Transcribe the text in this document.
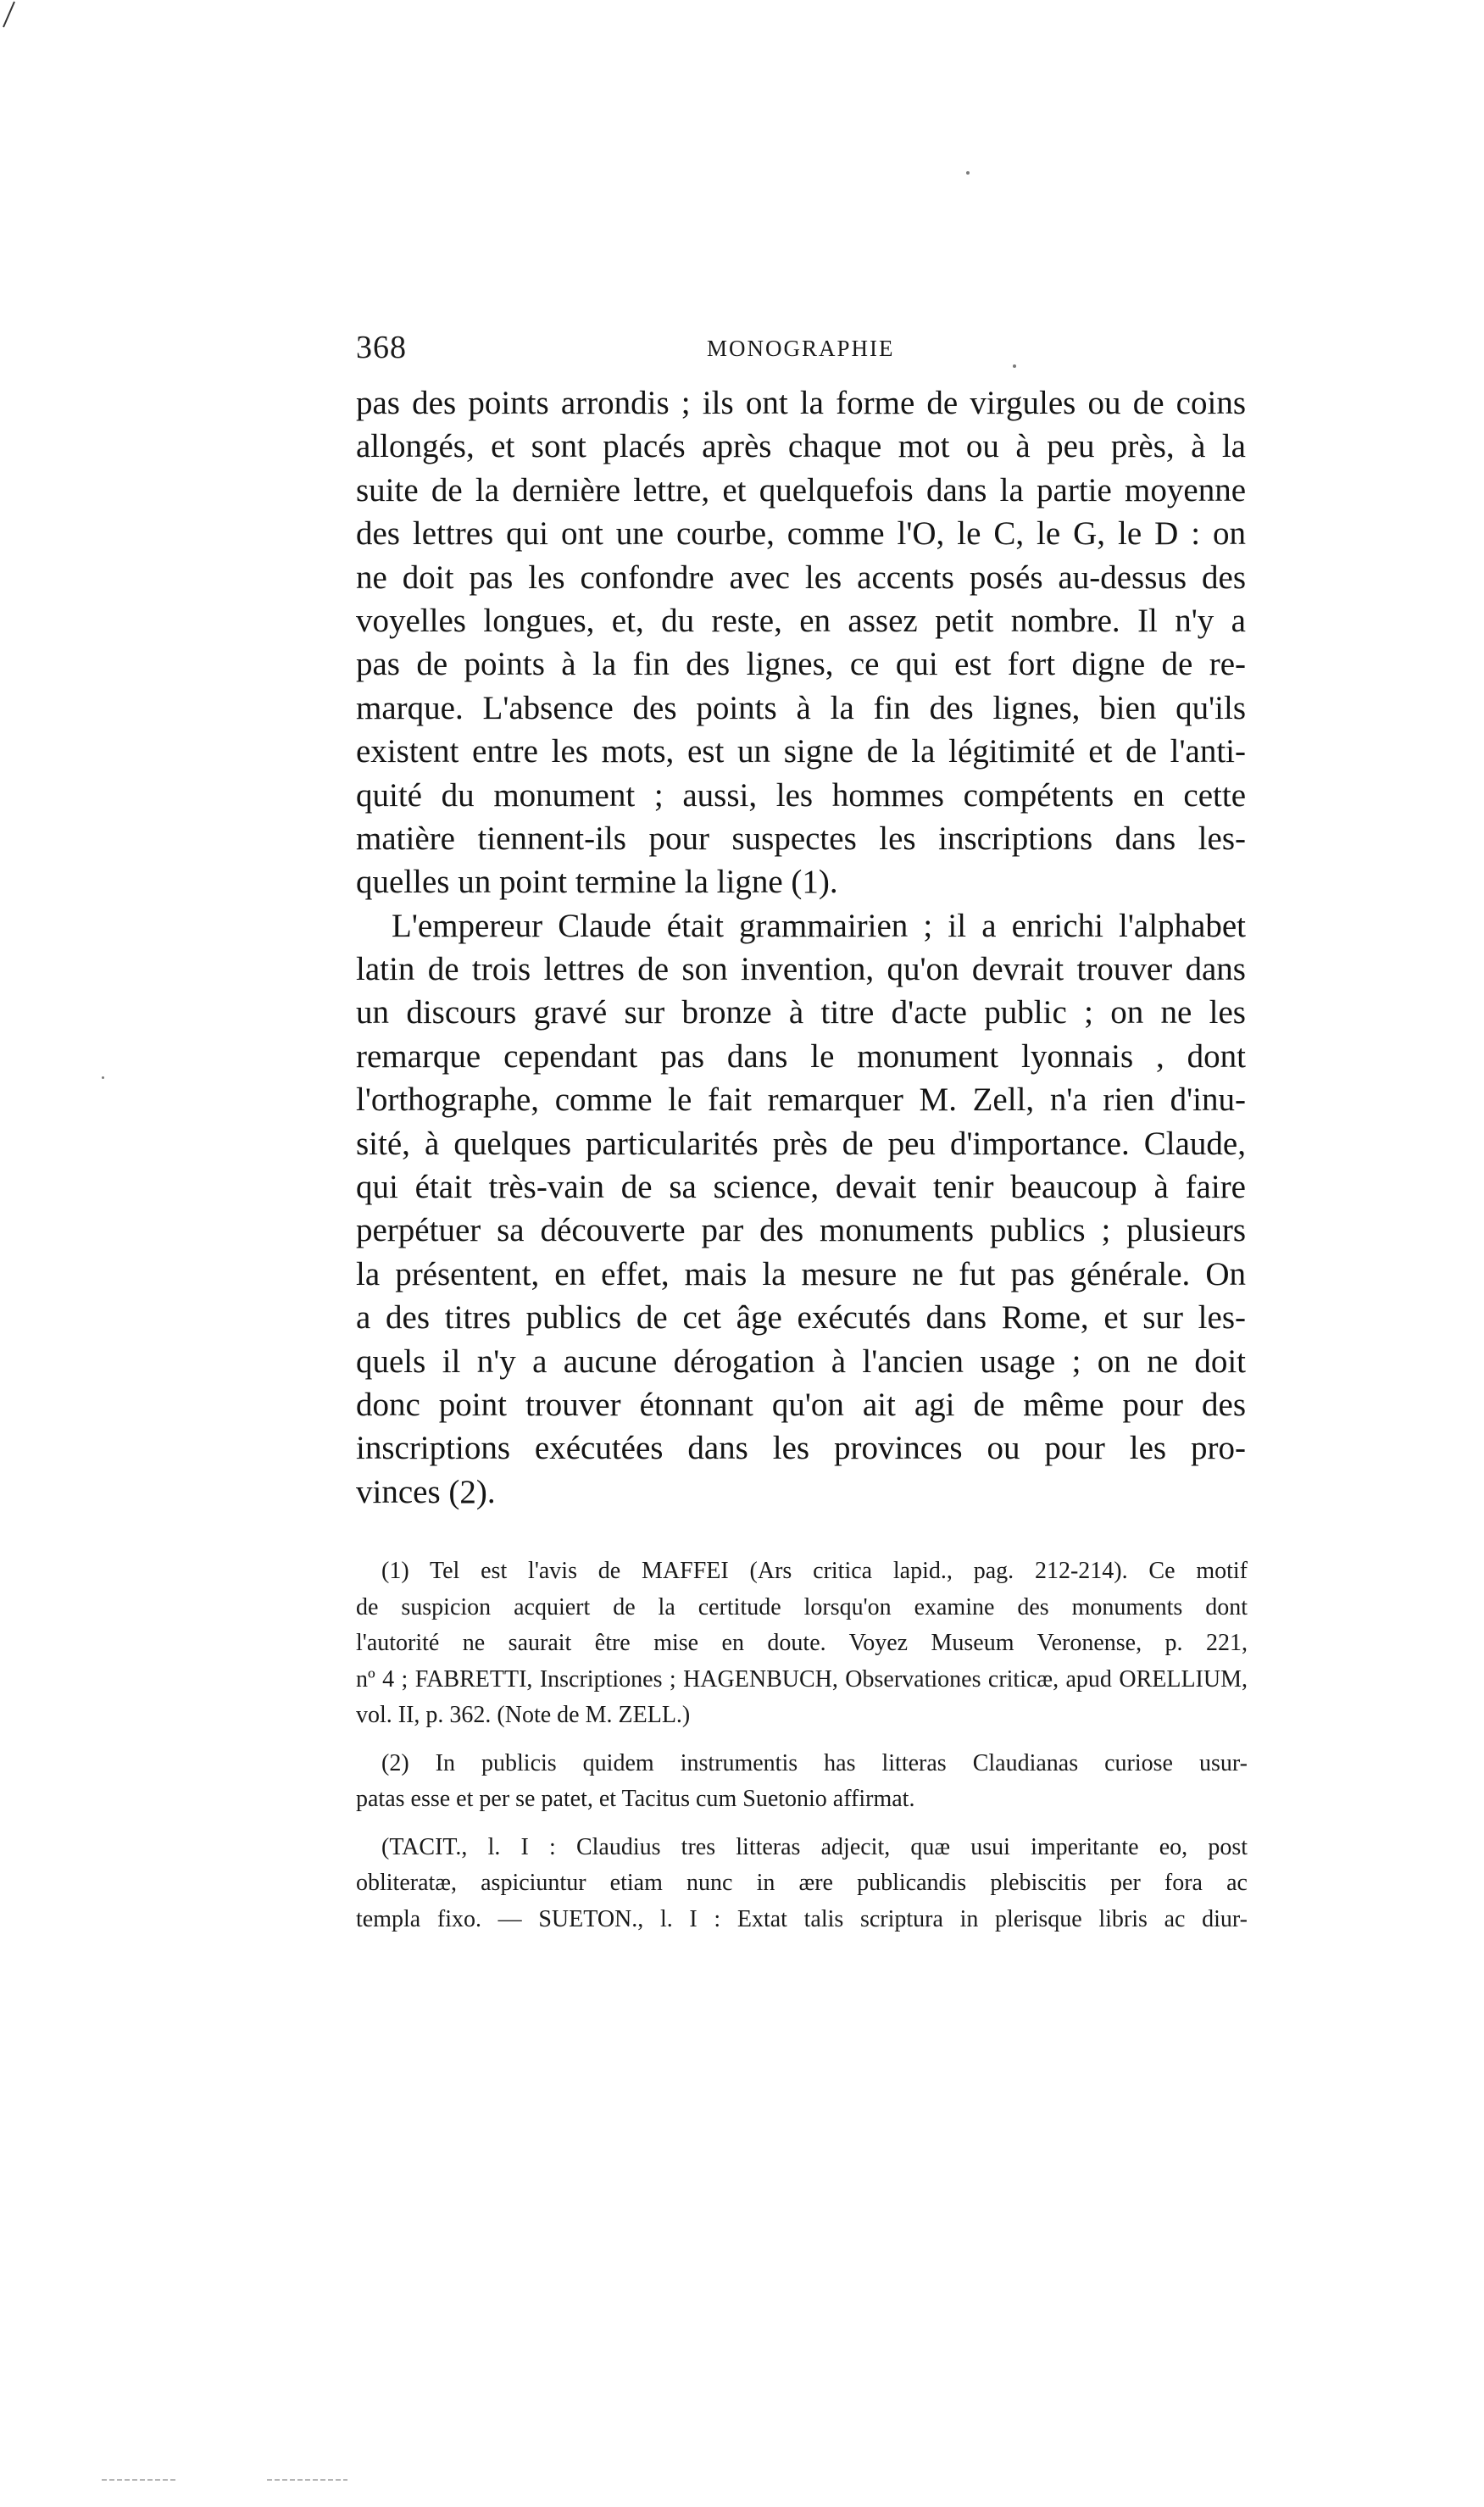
368	MONOGRAPHIE
pas des points arrondis ; ils ont la forme de virgules ou de coins
allongés, et sont placés après chaque mot ou à peu près, à la
suite de la dernière lettre, et quelquefois dans la partie moyenne
des lettres qui ont une courbe, comme l'O, le C, le G, le D : on
ne doit pas les confondre avec les accents posés au-dessus des
voyelles longues, et, du reste, en assez petit nombre. Il n'y a
pas de points à la fin des lignes, ce qui est fort digne de re-
marque. L'absence des points à la fin des lignes, bien qu'ils
existent entre les mots, est un signe de la légitimité et de l'anti-
quité du monument ; aussi, les hommes compétents en cette
matière tiennent-ils pour suspectes les inscriptions dans les-
quelles un point termine la ligne (1).
L'empereur Claude était grammairien ; il a enrichi l'alphabet
latin de trois lettres de son invention, qu'on devrait trouver dans
un discours gravé sur bronze à titre d'acte public ; on ne les
remarque cependant pas dans le monument lyonnais , dont
l'orthographe, comme le fait remarquer M. Zell, n'a rien d'inu-
sité, à quelques particularités près de peu d'importance. Claude,
qui était très-vain de sa science, devait tenir beaucoup à faire
perpétuer sa découverte par des monuments publics ; plusieurs
la présentent, en effet, mais la mesure ne fut pas générale. On
a des titres publics de cet âge exécutés dans Rome, et sur les-
quels il n'y a aucune dérogation à l'ancien usage ; on ne doit
donc point trouver étonnant qu'on ait agi de même pour des
inscriptions exécutées dans les provinces ou pour les pro-
vinces (2).
(1) Tel est l'avis de MAFFEI (Ars critica lapid., pag. 212-214). Ce motif
de suspicion acquiert de la certitude lorsqu'on examine des monuments dont
l'autorité ne saurait être mise en doute. Voyez Museum Veronense, p. 221,
nº 4 ; FABRETTI, Inscriptiones ; HAGENBUCH, Observationes criticæ, apud ORELLIUM,
vol. II, p. 362. (Note de M. ZELL.)
(2) In publicis quidem instrumentis has litteras Claudianas curiose usur-
patas esse et per se patet, et Tacitus cum Suetonio affirmat.
(TACIT., l. I : Claudius tres litteras adjecit, quæ usui imperitante eo, post
obliteratæ, aspiciuntur etiam nunc in ære publicandis plebiscitis per fora ac
templa fixo. — SUETON., l. I : Extat talis scriptura in plerisque libris ac diur-
